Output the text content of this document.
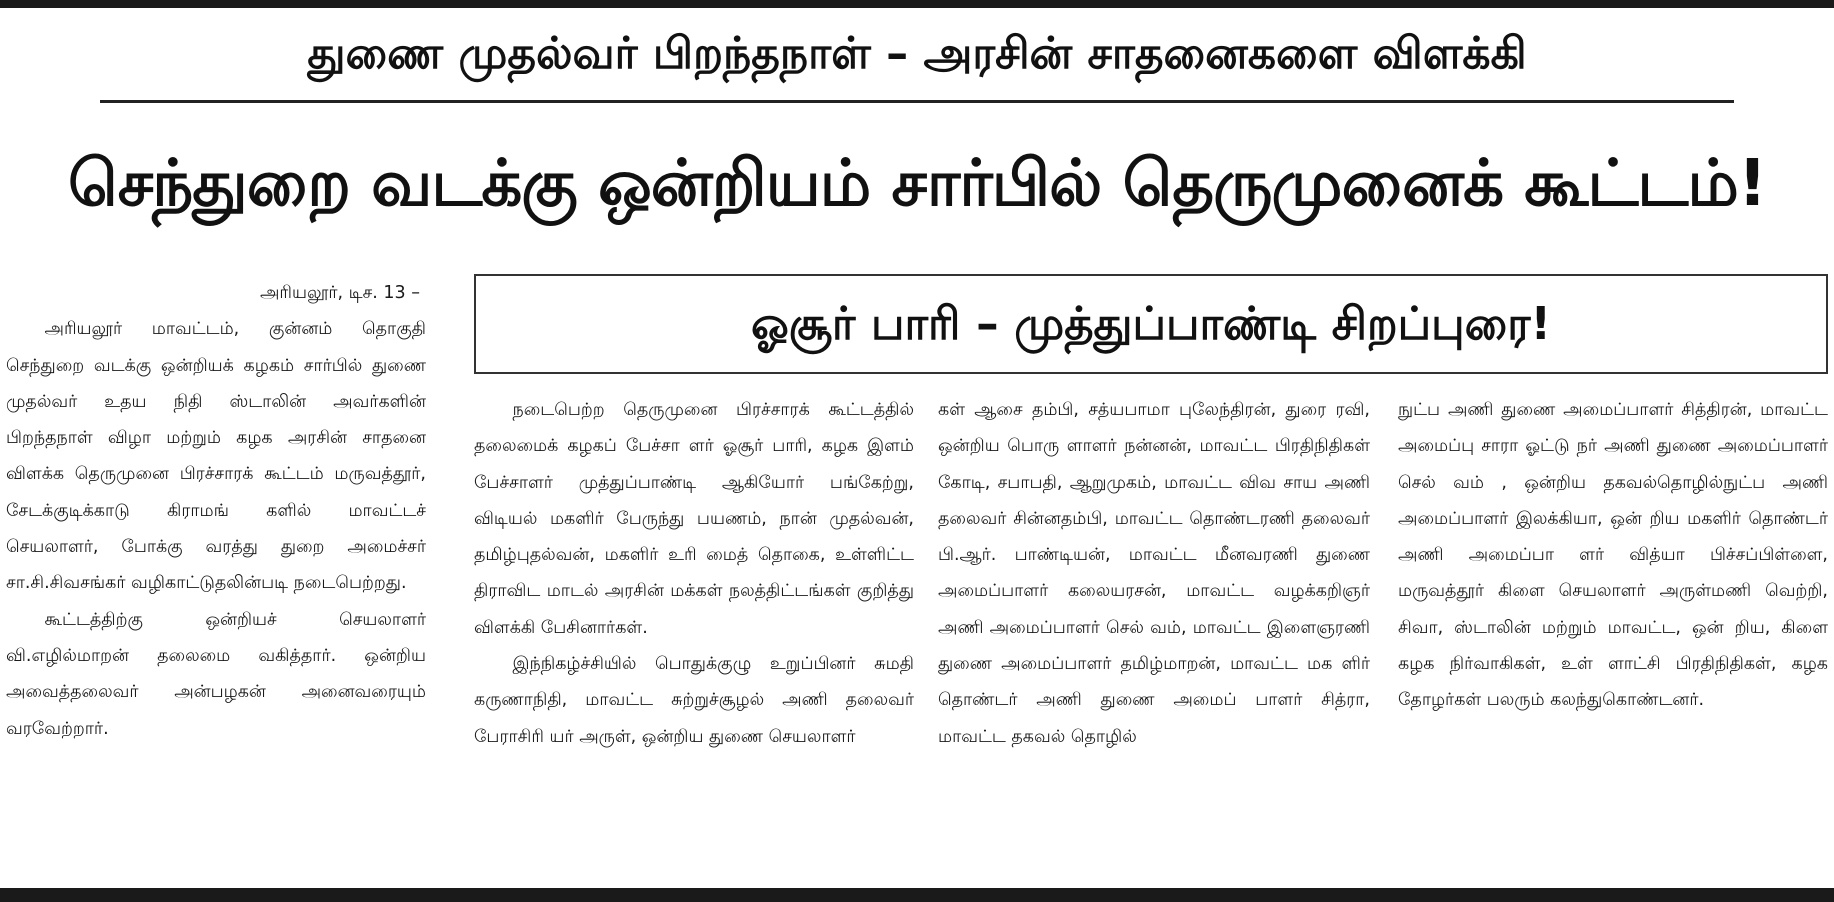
துணை முதல்வர் பிறந்தநாள் – அரசின் சாதனைகளை விளக்கி
செந்துறை வடக்கு ஒன்றியம் சார்பில் தெருமுனைக் கூட்டம்!
ஓசூர் பாரி – முத்துப்பாண்டி சிறப்புரை!
அரியலூர், டிச. 13 –

அரியலூர் மாவட்டம், குன்னம் தொகுதி செந்துறை வடக்கு ஒன்றியக் கழகம் சார்பில் துணை முதல்வர் உதய நிதி ஸ்டாலின் அவர்களின் பிறந்தநாள் விழா மற்றும் கழக அரசின் சாதனை விளக்க தெருமுனை பிரச்சாரக் கூட்டம் மருவத்தூர், சேடக்குடிக்காடு கிராமங் களில் மாவட்டச் செயலாளர், போக்கு வரத்து துறை அமைச்சர் சா.சி.சிவசங்கர் வழிகாட்டுதலின்படி நடைபெற்றது.

கூட்டத்திற்கு ஒன்றியச் செயலாளர் வி.எழில்மாறன் தலைமை வகித்தார். ஒன்றிய அவைத்தலைவர் அன்பழகன் அனைவரையும் வரவேற்றார்.

நடைபெற்ற தெருமுனை பிரச்சாரக் கூட்டத்தில் தலைமைக் கழகப் பேச்சா ளர் ஓசூர் பாரி, கழக இளம் பேச்சாளர் முத்துப்பாண்டி ஆகியோர் பங்கேற்று, விடியல் மகளிர் பேருந்து பயணம், நான் முதல்வன், தமிழ்புதல்வன், மகளிர் உரி மைத் தொகை, உள்ளிட்ட திராவிட மாடல் அரசின் மக்கள் நலத்திட்டங்கள் குறித்து விளக்கி பேசினார்கள்.

இந்நிகழ்ச்சியில் பொதுக்குழு உறுப்பினர் சுமதி கருணாநிதி, மாவட்ட சுற்றுச்சூழல் அணி தலைவர் பேராசிரி யர் அருள், ஒன்றிய துணை செயலாளர்

கள் ஆசை தம்பி, சத்யபாமா புலேந்திரன், துரை ரவி, ஒன்றிய பொரு ளாளர் நன்னன், மாவட்ட பிரதிநிதிகள் கோடி, சபாபதி, ஆறுமுகம், மாவட்ட விவ சாய அணி தலைவர் சின்னதம்பி, மாவட்ட தொண்டரணி தலைவர் பி.ஆர். பாண்டியன், மாவட்ட மீனவரணி துணை அமைப்பாளர் கலையரசன், மாவட்ட வழக்கறிஞர் அணி அமைப்பாளர் செல் வம், மாவட்ட இளைஞரணி துணை அமைப்பாளர் தமிழ்மாறன், மாவட்ட மக ளிர் தொண்டர் அணி துணை அமைப் பாளர் சித்ரா, மாவட்ட தகவல் தொழில்

நுட்ப அணி துணை அமைப்பாளர் சித்திரன், மாவட்ட அமைப்பு சாரா ஓட்டு நர் அணி துணை அமைப்பாளர் செல் வம் , ஒன்றிய தகவல்தொழில்நுட்ப அணி அமைப்பாளர் இலக்கியா, ஒன் றிய மகளிர் தொண்டர் அணி அமைப்பா ளர் வித்யா பிச்சப்பிள்ளை, மருவத்தூர் கிளை செயலாளர் அருள்மணி வெற்றி, சிவா, ஸ்டாலின் மற்றும் மாவட்ட, ஒன் றிய, கிளை கழக நிர்வாகிகள், உள் ளாட்சி பிரதிநிதிகள், கழக தோழர்கள் பலரும் கலந்துகொண்டனர்.
